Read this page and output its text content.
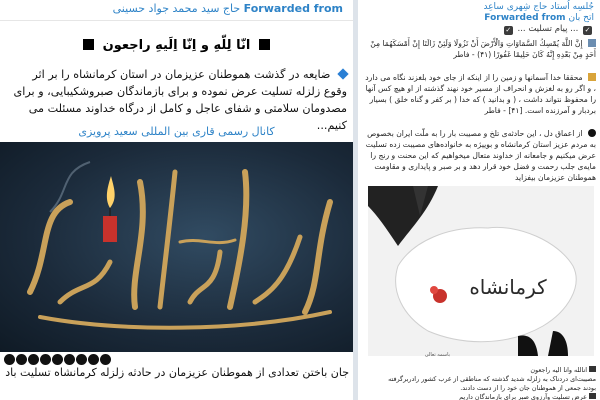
Forwarded from حاج سید محمد جواد حسینی
انّا لِلّهِ و اِنّا اِلَیهِ راجعون
ضایعه در گذشت هموطنان عزیزمان در استان کرمانشاه را بر اثر وقوع زلزله تسلیت عرض نموده و برای بازماندگان صبروشکیبایی، و برای مصدومان سلامتی و شفای عاجل و کامل از درگاه خداوند مسئلت می کنیم...
کانال رسمی قاری بین المللی سعید پرویزی
جان باختن تعدادی از هموطنان عزیزمان در حادثه زلزله کرمانشاه تسلیت باد
جُلسِه اُستاد حاج شِهری ساعِد
اتح بان Forwarded from
✓ ... پیام تسلیت ... ✓
إِنَّ اللَّهَ يُمْسِكُ السَّمَاوَاتِ وَالْأَرْضَ أَنْ تَزُولَا وَلَئِنْ زَالَتَا إِنْ أَمْسَكَهُمَا مِنْ أَحَدٍ مِنْ بَعْدِهِ إِنَّهُ كَانَ حَلِيمًا غَفُورًا (۴۱) - فاطر
محققا خدا آسمانها و زمین را از اینکه از جای خود بلغزند نگاه می دارد ، و اگر رو به لغزش و انحراف از مسیر خود نهند گذشته از او هیچ کس آنها را محفوظ نتواند داشت ، ( و بدانید ) که خدا ( بر کفر و گناه خلق ) بسیار بردبار و آمرزنده است. [۴۱] - فاطر
از اعماق دل ، این حادثه‌ی تلخ و مصیبت بار را به ملّت ایران بخصوص به مردم عزیز استان کرمانشاه و بوییژه به خانواده‌های مصیبت زده تسلیت عرض میکنیم و جامعانه از خداوند متعال میخواهیم که این محنت و رنج را مایه‌ی جلب رحمت و فضل خود قرار دهد و بر صبر و پایداری و مقاومت هموطنان عزیزمان بیفزاید
کرمانشاه
باسمه تعالی
انالله وانا الیه راجعون
مصیبت‌ای دردناک به زلزله شدید گذشته که مناطقی از غرب کشور رادربرگرفته
بودند جمعی از هموطنان جان خود را از دست دادند.
عرض تسلیت وآرزوی صبر برای بازماندگان داریم
